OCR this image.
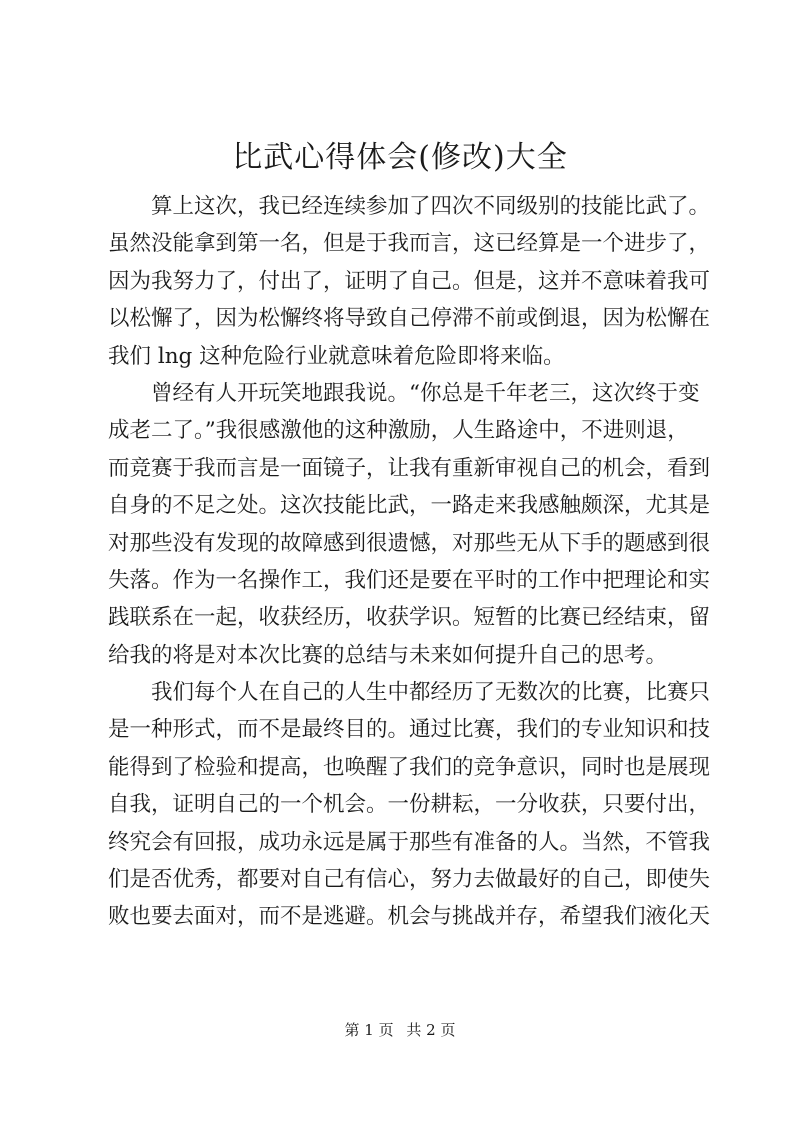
比武心得体会(修改)大全
算上这次，我已经连续参加了四次不同级别的技能比武了。
虽然没能拿到第一名，但是于我而言，这已经算是一个进步了，
因为我努力了，付出了，证明了自己。但是，这并不意味着我可
以松懈了，因为松懈终将导致自己停滞不前或倒退，因为松懈在
我们 lng 这种危险行业就意味着危险即将来临。
曾经有人开玩笑地跟我说。“你总是千年老三，这次终于变
成老二了。”我很感激他的这种激励，人生路途中，不进则退，
而竞赛于我而言是一面镜子，让我有重新审视自己的机会，看到
自身的不足之处。这次技能比武，一路走来我感触颇深，尤其是
对那些没有发现的故障感到很遗憾，对那些无从下手的题感到很
失落。作为一名操作工，我们还是要在平时的工作中把理论和实
践联系在一起，收获经历，收获学识。短暂的比赛已经结束，留
给我的将是对本次比赛的总结与未来如何提升自己的思考。
我们每个人在自己的人生中都经历了无数次的比赛，比赛只
是一种形式，而不是最终目的。通过比赛，我们的专业知识和技
能得到了检验和提高，也唤醒了我们的竞争意识，同时也是展现
自我，证明自己的一个机会。一份耕耘，一分收获，只要付出，
终究会有回报，成功永远是属于那些有准备的人。当然，不管我
们是否优秀，都要对自己有信心，努力去做最好的自己，即使失
败也要去面对，而不是逃避。机会与挑战并存，希望我们液化天
第 1 页 共 2 页
